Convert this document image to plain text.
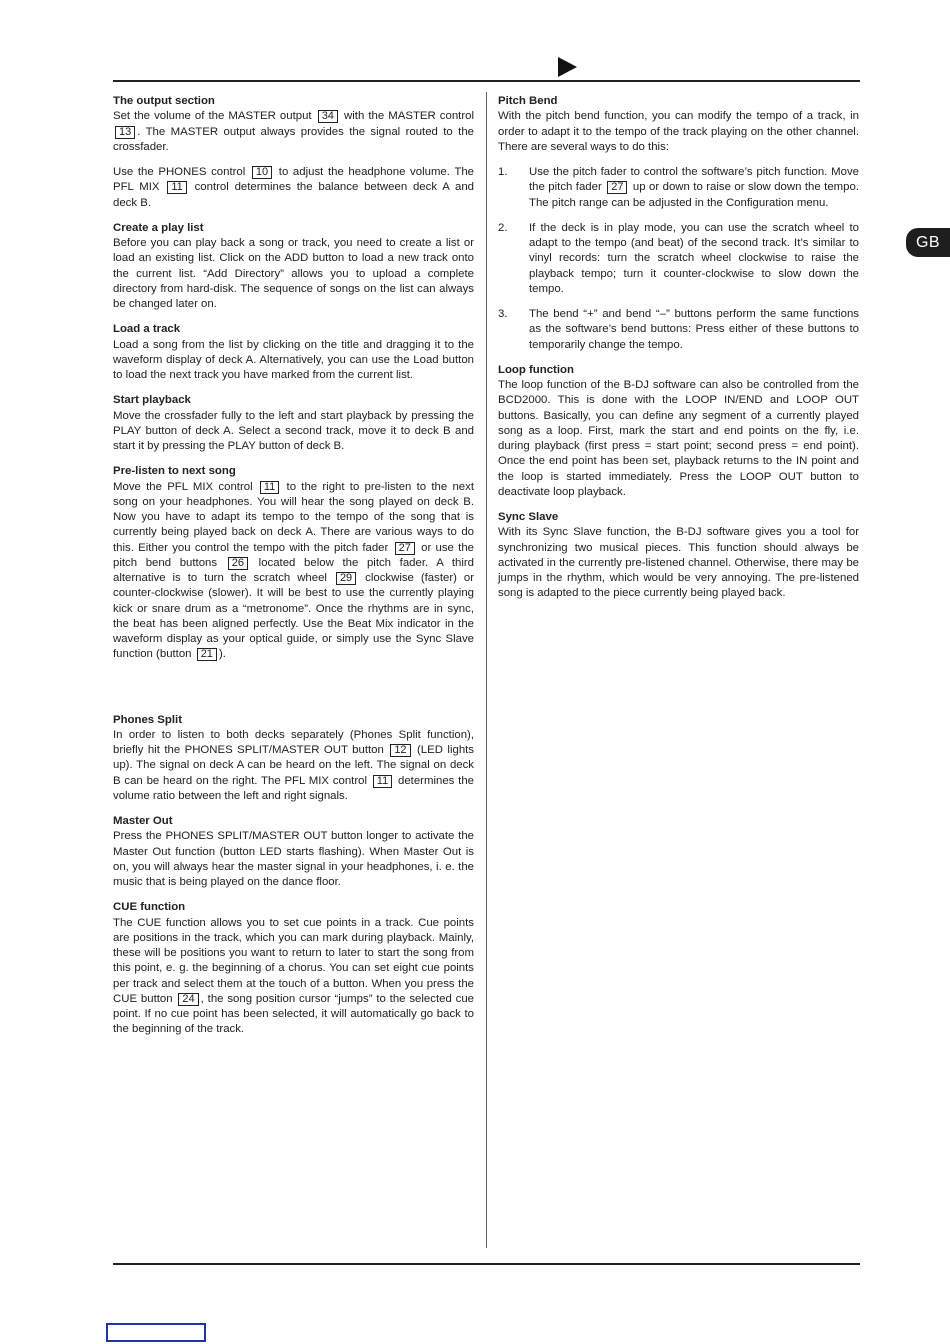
GB
The output section

Set the volume of the MASTER output 34 with the MASTER control 13 . The MASTER output always provides the signal routed to the crossfader.

Use the PHONES control 10 to adjust the headphone volume. The PFL MIX 11 control determines the balance between deck A and deck B.

Create a play list

Before you can play back a song or track, you need to create a list or load an existing list. Click on the ADD button to load a new track onto the current list. “Add Directory” allows you to upload a complete directory from hard-disk. The sequence of songs on the list can always be changed later on.

Load a track

Load a song from the list by clicking on the title and dragging it to the waveform display of deck A. Alternatively, you can use the Load button to load the next track you have marked from the current list.

Start playback

Move the crossfader fully to the left and start playback by pressing the PLAY button of deck A. Select a second track, move it to deck B and start it by pressing the PLAY button of deck B.

Pre-listen to next song

Move the PFL MIX control 11 to the right to pre-listen to the next song on your headphones. You will hear the song played on deck B. Now you have to adapt its tempo to the tempo of the song that is currently being played back on deck A. There are various ways to do this. Either you control the tempo with the pitch fader 27 or use the pitch bend buttons 26 located below the pitch fader. A third alternative is to turn the scratch wheel 29 clockwise (faster) or counter-clockwise (slower). It will be best to use the currently playing kick or snare drum as a “metronome”. Once the rhythms are in sync, the beat has been aligned perfectly. Use the Beat Mix indicator in the waveform display as your optical guide, or simply use the Sync Slave function (button 21 ).

Phones Split

In order to listen to both decks separately (Phones Split function), briefly hit the PHONES SPLIT/MASTER OUT button 12 (LED lights up). The signal on deck A can be heard on the left. The signal on deck B can be heard on the right. The PFL MIX control 11 determines the volume ratio between the left and right signals.

Master Out

Press the PHONES SPLIT/MASTER OUT button longer to activate the Master Out function (button LED starts flashing). When Master Out is on, you will always hear the master signal in your headphones, i. e. the music that is being played on the dance floor.

CUE function

The CUE function allows you to set cue points in a track. Cue points are positions in the track, which you can mark during playback. Mainly, these will be positions you want to return to later to start the song from this point, e. g. the beginning of a chorus. You can set eight cue points per track and select them at the touch of a button. When you press the CUE button 24 , the song position cursor “jumps” to the selected cue point. If no cue point has been selected, it will automatically go back to the beginning of the track.

Pitch Bend

With the pitch bend function, you can modify the tempo of a track, in order to adapt it to the tempo of the track playing on the other channel. There are several ways to do this:

1. Use the pitch fader to control the software’s pitch function. Move the pitch fader 27 up or down to raise or slow down the tempo. The pitch range can be adjusted in the Configuration menu.
2. If the deck is in play mode, you can use the scratch wheel to adapt to the tempo (and beat) of the second track. It’s similar to vinyl records: turn the scratch wheel clockwise to raise the playback tempo; turn it counter-clockwise to slow down the tempo.
3. The bend “+” and bend “–” buttons perform the same functions as the software’s bend buttons: Press either of these buttons to temporarily change the tempo.
Loop function

The loop function of the B-DJ software can also be controlled from the BCD2000. This is done with the LOOP IN/END and LOOP OUT buttons. Basically, you can define any segment of a currently played song as a loop. First, mark the start and end points on the fly, i.e. during playback (first press = start point; second press = end point). Once the end point has been set, playback returns to the IN point and the loop is started immediately. Press the LOOP OUT button to deactivate loop playback.

Sync Slave

With its Sync Slave function, the B-DJ software gives you a tool for synchronizing two musical pieces. This function should always be activated in the currently pre-listened channel. Otherwise, there may be jumps in the rhythm, which would be very annoying. The pre-listened song is adapted to the piece currently being played back.
